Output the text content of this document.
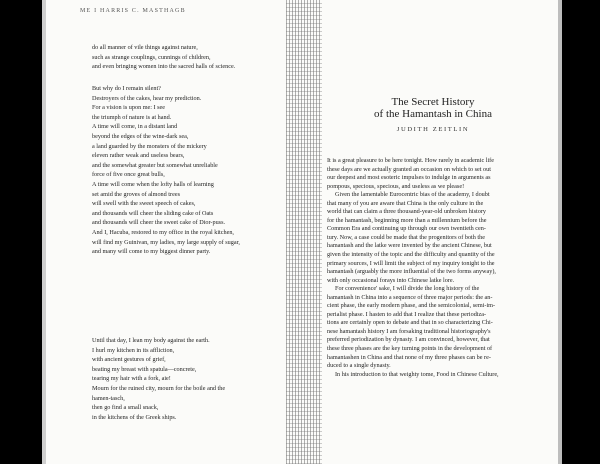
ME I HARRIS C. MASTHAGB
do all manner of vile things against nature,
such as strange couplings, cunnings of children,
and even bringing women into the sacred halls of science.
But why do I remain silent?
Destroyers of the cakes, hear my prediction.
For a vision is upon me: I see
the triumph of nature is at hand.
A time will come, in a distant land
beyond the edges of the wine-dark sea,
a land guarded by the monsters of the mickery
eleven rather weak and useless bears,
and the somewhat greater but somewhat unreliable
force of five once great bulls,
A time will come when the lofty halls of learning
set amid the groves of almond trees
will swell with the sweet speech of cakes,
and thousands will cheer the sliding cake of Oats
and thousands will cheer the sweet cake of Dior-puss.
And I, Hacuba, restored to my office in the royal kitchen,
will find my Guinivan, my ladies, my large supply of sugar,
and many will come to my biggest dinner party.
Until that day, I lean my body against the earth.
I hurl my kitchen in its affliction,
with ancient gestures of grief,
beating my breast with spatula—concrete,
tearing my hair with a fork, aie!
Mourn for the ruined city, mourn for the boile and the
hamen-tasch,
then go find a small snack,
in the kitchens of the Greek ships.
The Secret History
of the Hamantash in China
JUDITH ZEITLIN
It is a great pleasure to be here tonight. How rarely in academic life
these days are we actually granted an occasion on which to set out
our deepest and most esoteric impulses to indulge in arguments as
pompous, specious, specious, and useless as we please!
Given the lamentable Eurocentric bias of the academy, I doubt
that many of you are aware that China is the only culture in the
world that can claim a three thousand-year-old unbroken history
for the hamantash, beginning more than a millennium before the
Common Era and continuing up through our own twentieth cen-
tury. Now, a case could be made that the progenitors of both the
hamantash and the latke were invented by the ancient Chinese, but
given the intensity of the topic and the difficulty and quantity of the
primary sources, I will limit the subject of my inquiry tonight to the
hamantash (arguably the more influential of the two forms anyway),
with only occasional forays into Chinese latke lore.
For convenience' sake, I will divide the long history of the
hamantash in China into a sequence of three major periods: the an-
cient phase, the early modern phase, and the semicolonial, semi-im-
perialist phase. I hasten to add that I realize that these periodiza-
tions are certainly open to debate and that in so characterizing Chi-
nese hamantash history I am forsaking traditional historiography's
preferred periodization by dynasty. I am convinced, however, that
these three phases are the key turning points in the development of
hamantashen in China and that none of my three phases can be re-
duced to a single dynasty.
In his introduction to that weighty tome, Food in Chinese Culture,
